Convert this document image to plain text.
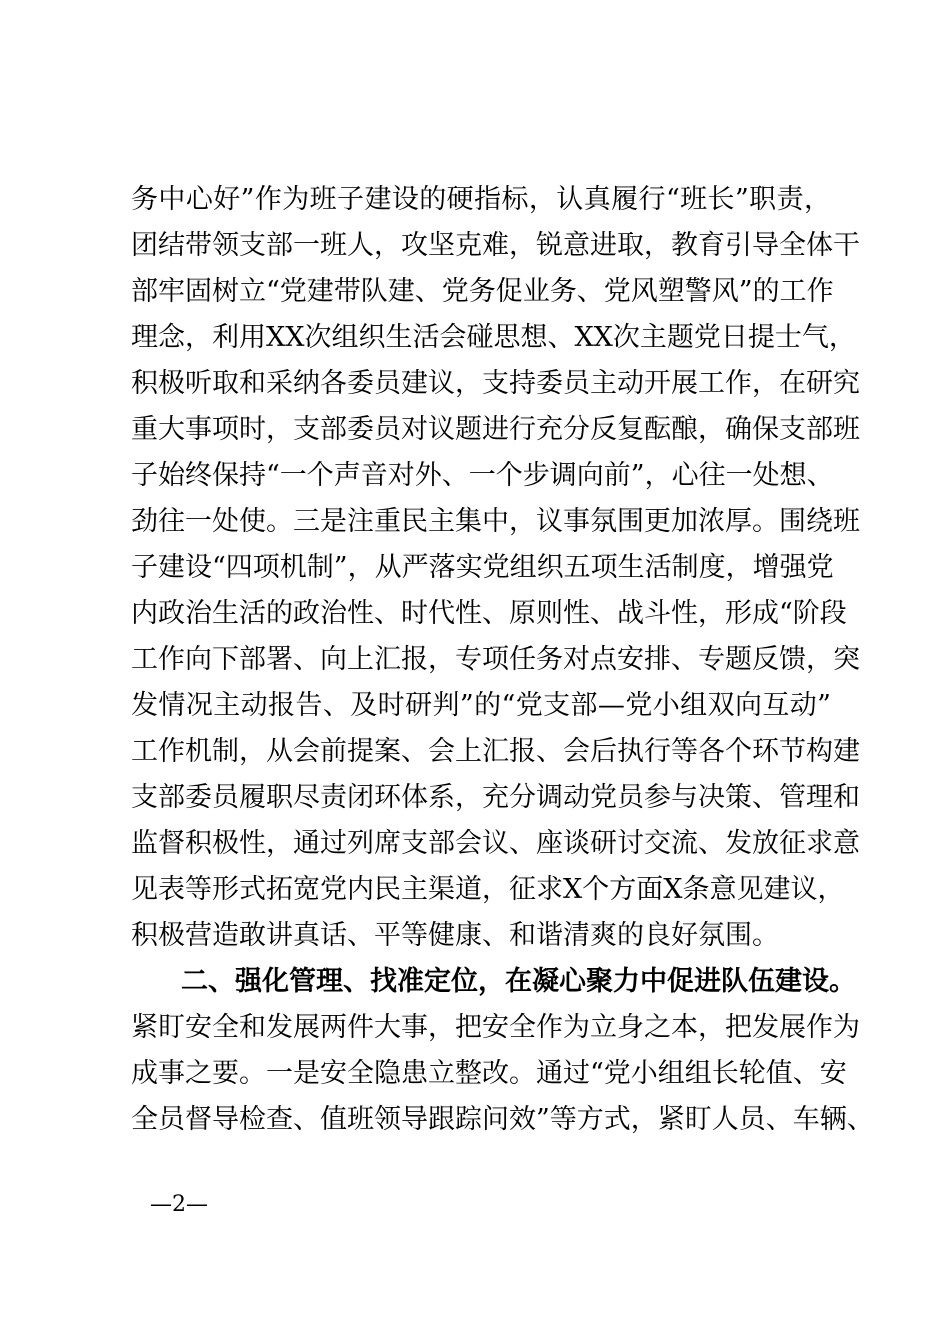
务中心好”作为班子建设的硬指标，认真履行“班长”职责，
团结带领支部一班人，攻坚克难，锐意进取，教育引导全体干
部牢固树立“党建带队建、党务促业务、党风塑警风”的工作
理念，利用XX次组织生活会碰思想、XX次主题党日提士气，
积极听取和采纳各委员建议，支持委员主动开展工作，在研究
重大事项时，支部委员对议题进行充分反复酝酿，确保支部班
子始终保持“一个声音对外、一个步调向前”，心往一处想、
劲往一处使。三是注重民主集中，议事氛围更加浓厚。围绕班
子建设“四项机制”，从严落实党组织五项生活制度，增强党
内政治生活的政治性、时代性、原则性、战斗性，形成“阶段
工作向下部署、向上汇报，专项任务对点安排、专题反馈，突
发情况主动报告、及时研判”的“党支部—党小组双向互动”
工作机制，从会前提案、会上汇报、会后执行等各个环节构建
支部委员履职尽责闭环体系，充分调动党员参与决策、管理和
监督积极性，通过列席支部会议、座谈研讨交流、发放征求意
见表等形式拓宽党内民主渠道，征求X个方面X条意见建议，
积极营造敢讲真话、平等健康、和谐清爽的良好氛围。
二、强化管理、找准定位，在凝心聚力中促进队伍建设。
紧盯安全和发展两件大事，把安全作为立身之本，把发展作为
成事之要。一是安全隐患立整改。通过“党小组组长轮值、安
全员督导检查、值班领导跟踪问效”等方式，紧盯人员、车辆、
—2—
